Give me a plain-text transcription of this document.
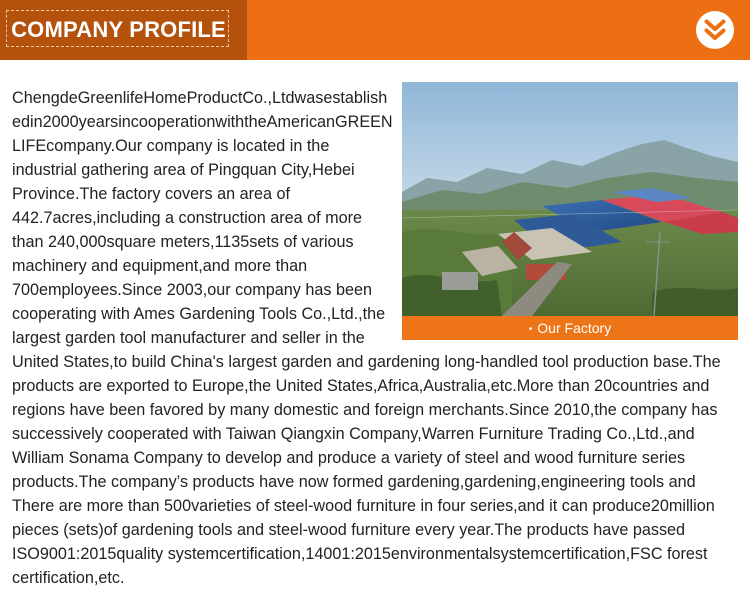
COMPANY PROFILE
• Our Factory
ChengdeGreenlifeHomeProductCo.,Ltdwasestablishedin2000yearsincooperationwiththeAmericanGREENLIFEcompany.Our company is located in the industrial gathering area of Pingquan City,Hebei Province.The factory covers an area of 442.7acres,including a construction area of more than 240,000square meters,1135sets of various machinery and equipment,and more than 700employees.Since 2003,our company has been cooperating with Ames Gardening Tools Co.,Ltd.,the largest garden tool manufacturer and seller in the United States,to build China's largest garden and gardening long-handled tool production base.The products are exported to Europe,the United States,Africa,Australia,etc.More than 20countries and regions have been favored by many domestic and foreign merchants.Since 2010,the company has successively cooperated with Taiwan Qiangxin Company,Warren Furniture Trading Co.,Ltd.,and William Sonama Company to develop and produce a variety of steel and wood furniture series products.The company’s products have now formed gardening,gardening,engineering tools and There are more than 500varieties of steel-wood furniture in four series,and it can produce20million pieces (sets)of gardening tools and steel-wood furniture every year.The products have passed ISO9001:2015quality systemcertification,14001:2015environmentalsystemcertification,FSC forest certification,etc.
